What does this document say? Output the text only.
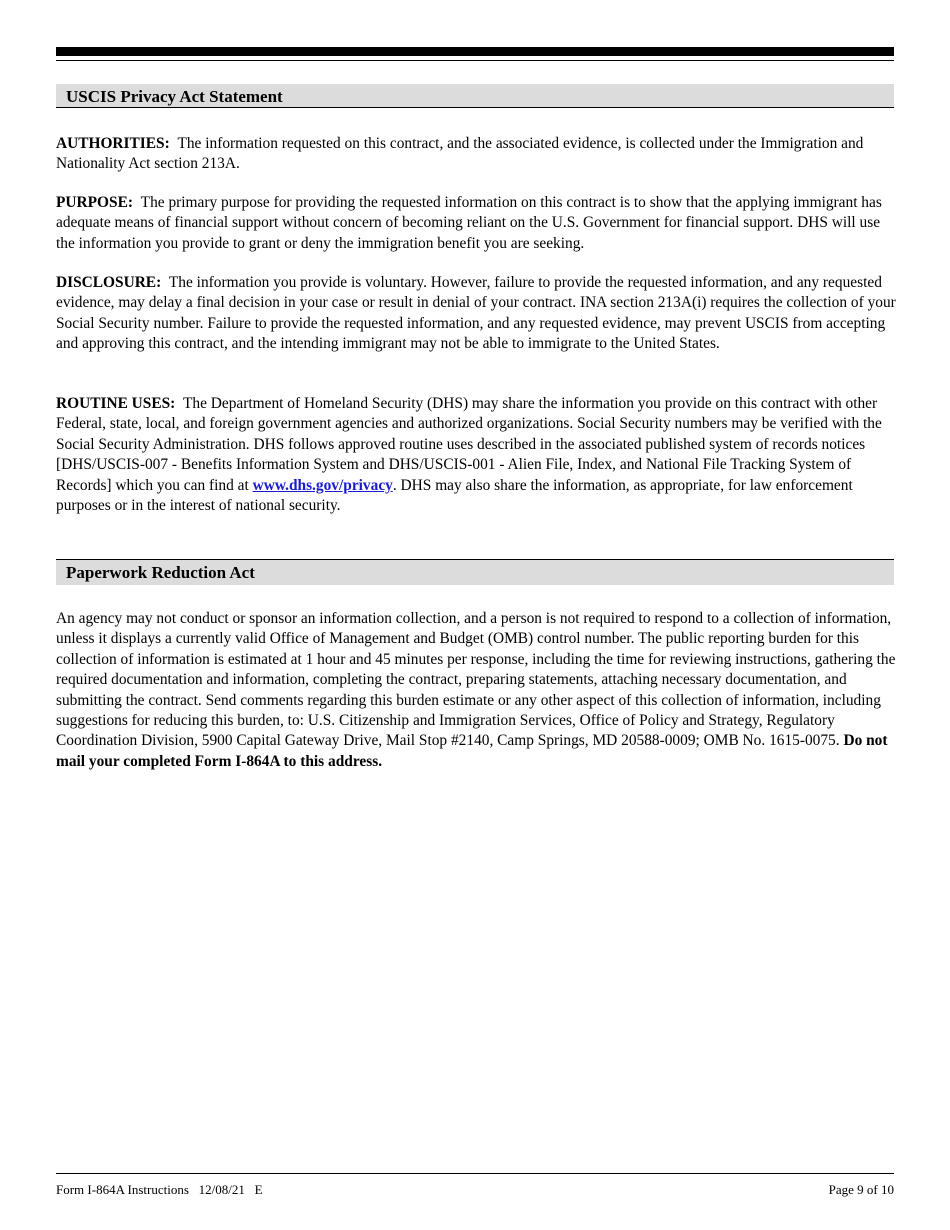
USCIS Privacy Act Statement

AUTHORITIES: The information requested on this contract, and the associated evidence, is collected under the Immigration and Nationality Act section 213A.

PURPOSE: The primary purpose for providing the requested information on this contract is to show that the applying immigrant has adequate means of financial support without concern of becoming reliant on the U.S. Government for financial support. DHS will use the information you provide to grant or deny the immigration benefit you are seeking.

DISCLOSURE: The information you provide is voluntary. However, failure to provide the requested information, and any requested evidence, may delay a final decision in your case or result in denial of your contract. INA section 213A(i) requires the collection of your Social Security number. Failure to provide the requested information, and any requested evidence, may prevent USCIS from accepting and approving this contract, and the intending immigrant may not be able to immigrate to the United States.

ROUTINE USES: The Department of Homeland Security (DHS) may share the information you provide on this contract with other Federal, state, local, and foreign government agencies and authorized organizations. Social Security numbers may be verified with the Social Security Administration. DHS follows approved routine uses described in the associated published system of records notices [DHS/USCIS-007 - Benefits Information System and DHS/USCIS-001 - Alien File, Index, and National File Tracking System of Records] which you can find at www.dhs.gov/privacy. DHS may also share the information, as appropriate, for law enforcement purposes or in the interest of national security.

Paperwork Reduction Act

An agency may not conduct or sponsor an information collection, and a person is not required to respond to a collection of information, unless it displays a currently valid Office of Management and Budget (OMB) control number. The public reporting burden for this collection of information is estimated at 1 hour and 45 minutes per response, including the time for reviewing instructions, gathering the required documentation and information, completing the contract, preparing statements, attaching necessary documentation, and submitting the contract. Send comments regarding this burden estimate or any other aspect of this collection of information, including suggestions for reducing this burden, to: U.S. Citizenship and Immigration Services, Office of Policy and Strategy, Regulatory Coordination Division, 5900 Capital Gateway Drive, Mail Stop #2140, Camp Springs, MD 20588-0009; OMB No. 1615-0075. Do not mail your completed Form I-864A to this address.

Form I-864A Instructions   12/08/21   E	Page 9 of 10
